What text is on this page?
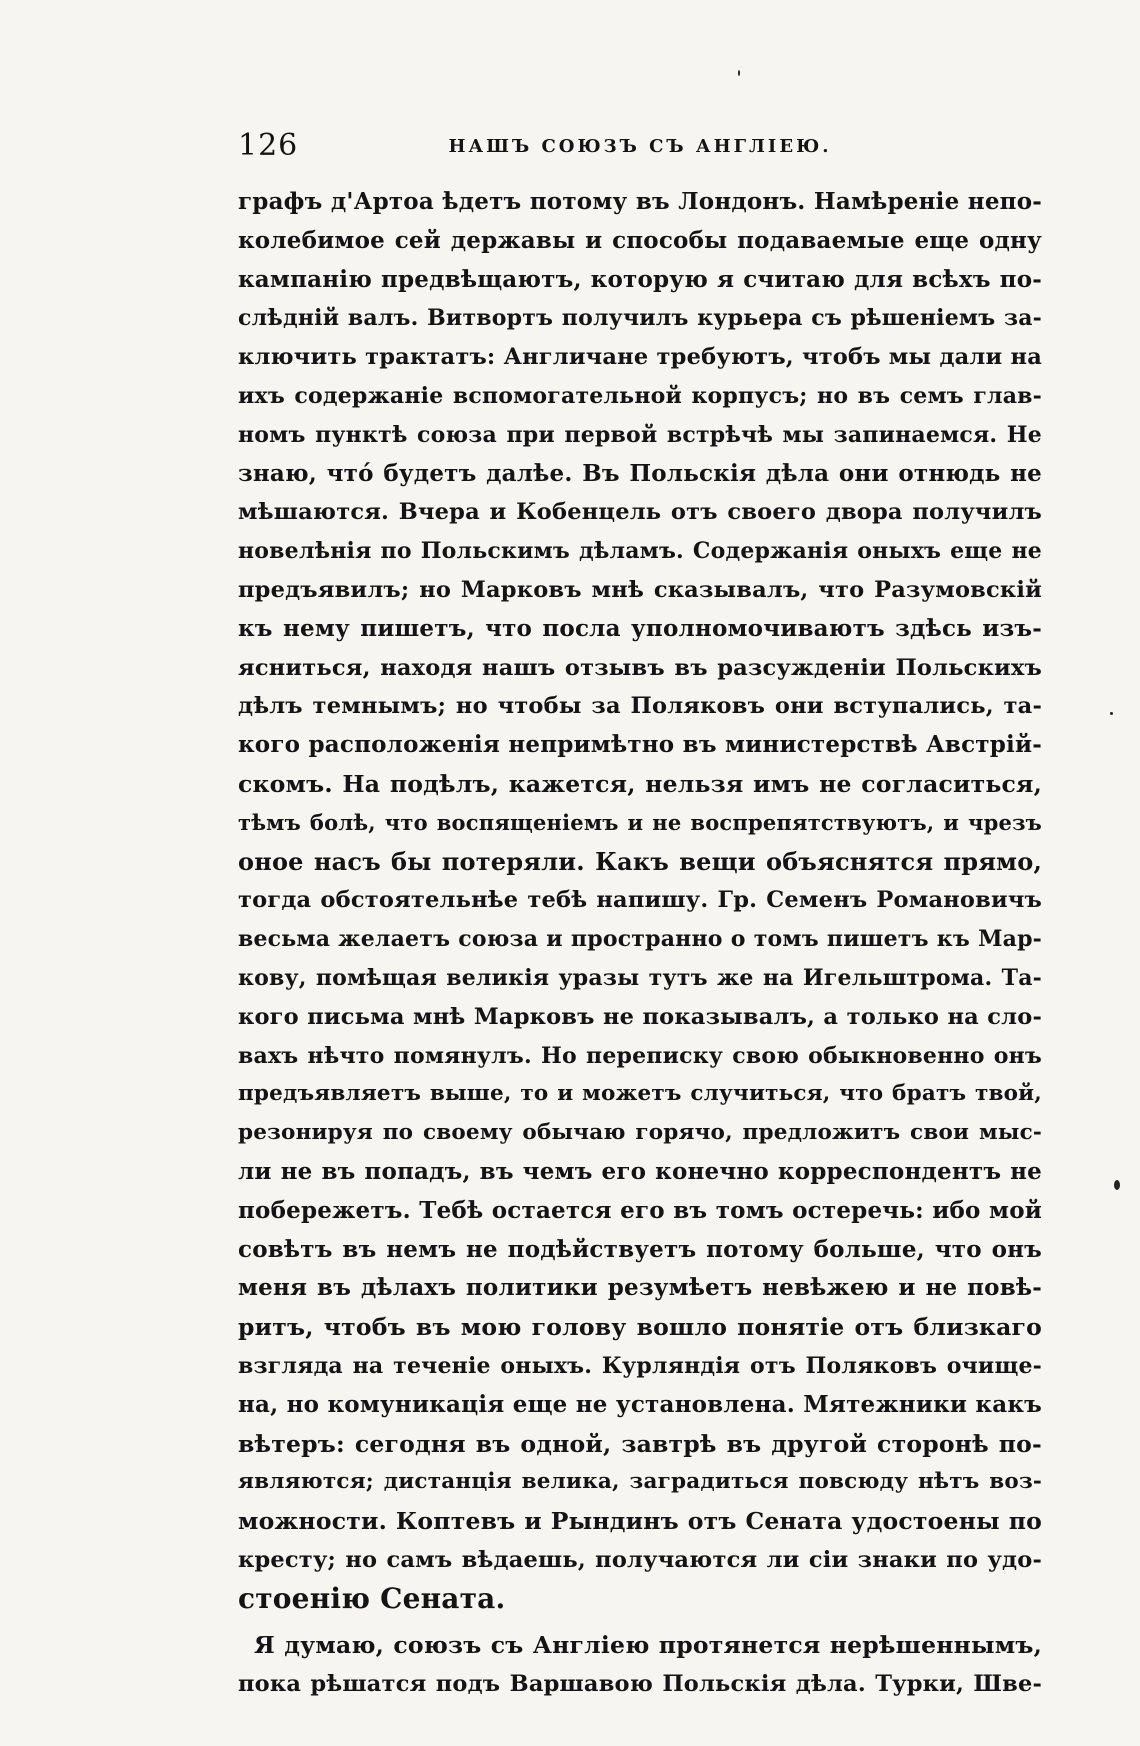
126	НАШЪ СОЮЗЪ СЪ АНГЛІЕЮ.
графъ д'Артоа ѣдетъ потому въ Лондонъ. Намѣреніе непо-
колебимое сей державы и способы подаваемые еще одну
кампанію предвѣщаютъ, которую я считаю для всѣхъ по-
слѣдній валъ. Витвортъ получилъ курьера съ рѣшеніемъ за-
ключить трактатъ: Англичане требуютъ, чтобъ мы дали на
ихъ содержаніе вспомогательной корпусъ; но въ семъ глав-
номъ пунктѣ союза при первой встрѣчѣ мы запинаемся. Не
знаю, чтó будетъ далѣе. Въ Польскія дѣла они отнюдь не
мѣшаются. Вчера и Кобенцель отъ своего двора получилъ
новелѣнія по Польскимъ дѣламъ. Содержанія оныхъ еще не
предъявилъ; но Марковъ мнѣ сказывалъ, что Разумовскій
къ нему пишетъ, что посла уполномочиваютъ здѣсь изъ-
ясниться, находя нашъ отзывъ въ разсужденіи Польскихъ
дѣлъ темнымъ; но чтобы за Поляковъ они вступались, та-
кого расположенія непримѣтно въ министерствѣ Австрій-
скомъ. На подѣлъ, кажется, нельзя имъ не согласиться,
тѣмъ болѣ, что воспященіемъ и не воспрепятствуютъ, и чрезъ
оное насъ бы потеряли. Какъ вещи объяснятся прямо,
тогда обстоятельнѣе тебѣ напишу. Гр. Семенъ Романовичъ
весьма желаетъ союза и пространно о томъ пишетъ къ Мар-
кову, помѣщая великія уразы тутъ же на Игельштрома. Та-
кого письма мнѣ Марковъ не показывалъ, а только на сло-
вахъ нѣчто помянулъ. Но переписку свою обыкновенно онъ
предъявляетъ выше, то и можетъ случиться, что братъ твой,
резонируя по своему обычаю горячо, предложитъ свои мыс-
ли не въ попадъ, въ чемъ его конечно корреспондентъ не
побережетъ. Тебѣ остается его въ томъ остеречь: ибо мой
совѣтъ въ немъ не подѣйствуетъ потому больше, что онъ
меня въ дѣлахъ политики резумѣетъ невѣжею и не повѣ-
ритъ, чтобъ въ мою голову вошло понятіе отъ близкаго
взгляда на теченіе оныхъ. Курляндія отъ Поляковъ очище-
на, но комуникація еще не установлена. Мятежники какъ
вѣтеръ: сегодня въ одной, завтрѣ въ другой сторонѣ по-
являются; дистанція велика, заградиться повсюду нѣтъ воз-
можности. Коптевъ и Рындинъ отъ Сената удостоены по
кресту; но самъ вѣдаешь, получаются ли сіи знаки по удо-
стоенію Сената.
Я думаю, союзъ съ Англіею протянется нерѣшеннымъ,
пока рѣшатся подъ Варшавою Польскія дѣла. Турки, Шве-
